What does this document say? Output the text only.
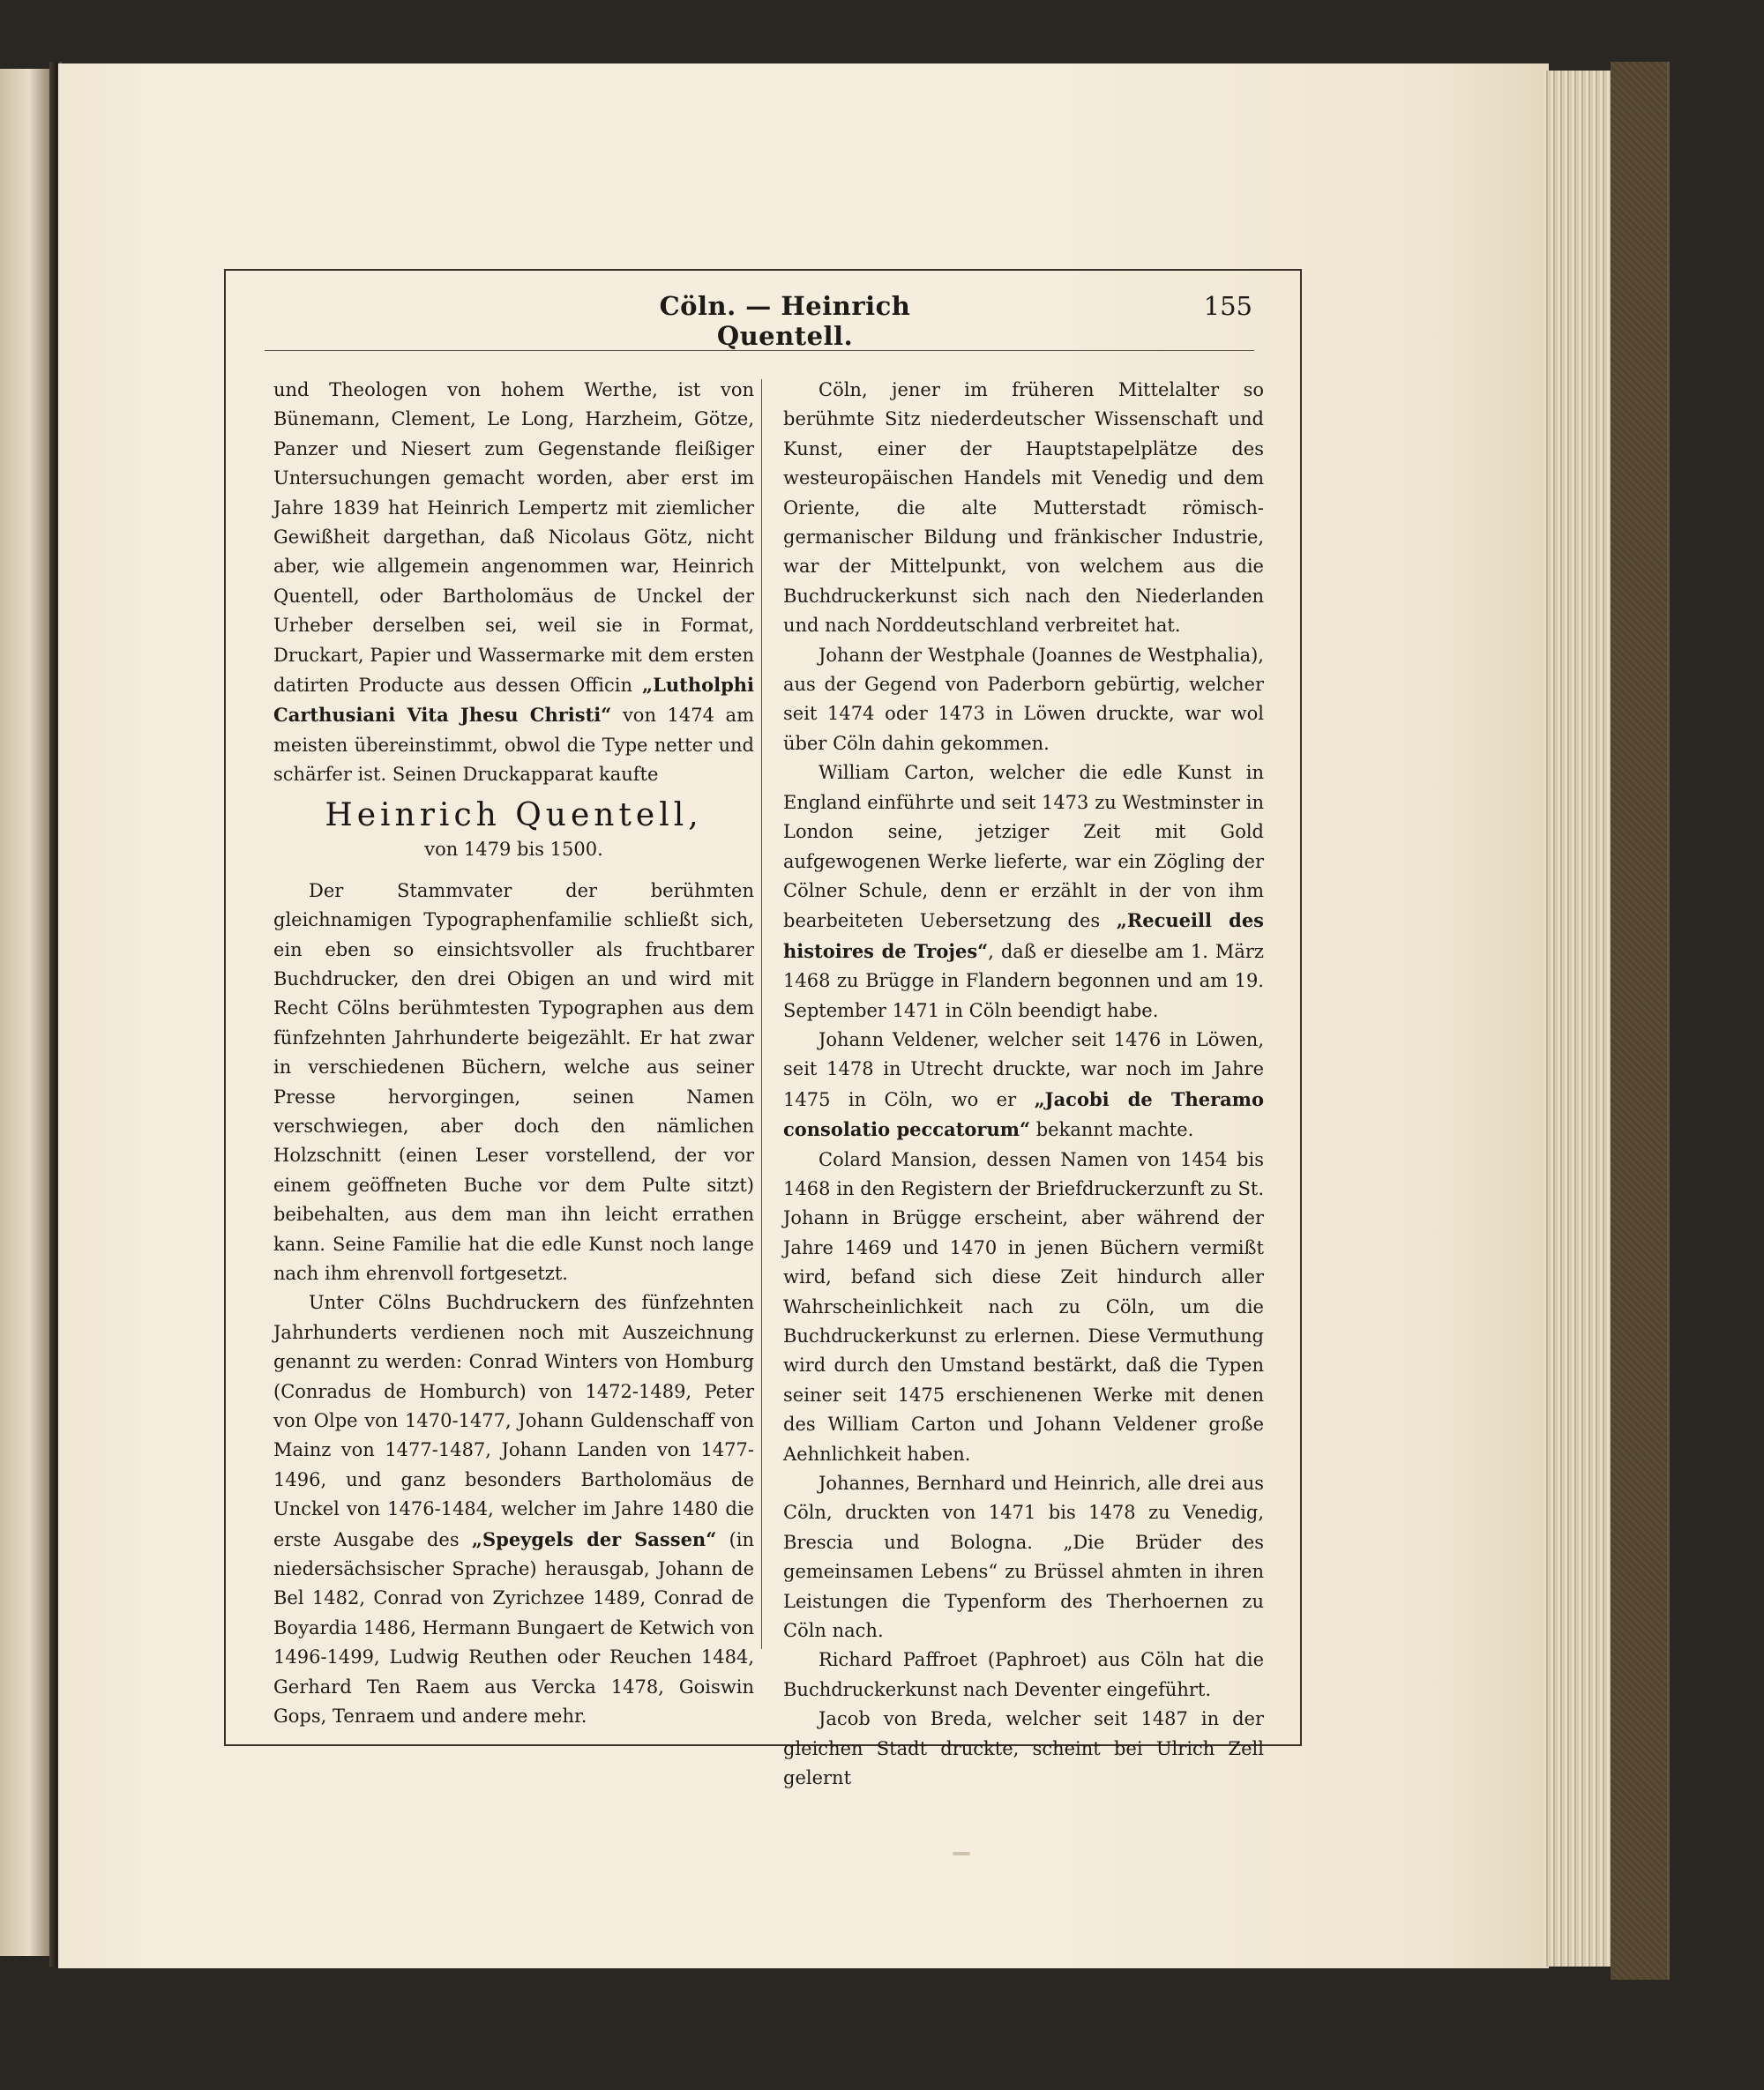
Cöln. — Heinrich Quentell.
155

und Theologen von hohem Werthe, ist von Bünemann, Clement, Le Long, Harzheim, Götze, Panzer und Niesert zum Gegenstande fleißiger Untersuchungen gemacht worden, aber erst im Jahre 1839 hat Heinrich Lempertz mit ziemlicher Gewißheit dargethan, daß Nicolaus Götz, nicht aber, wie allgemein angenommen war, Heinrich Quentell, oder Bartholomäus de Unckel der Urheber derselben sei, weil sie in Format, Druckart, Papier und Wassermarke mit dem ersten datirten Producte aus dessen Officin „Lutholphi Carthusiani Vita Jhesu Christi“ von 1474 am meisten übereinstimmt, obwol die Type netter und schärfer ist. Seinen Druckapparat kaufte

Heinrich Quentell,
von 1479 bis 1500.

Der Stammvater der berühmten gleichnamigen Typographenfamilie schließt sich, ein eben so einsichtsvoller als fruchtbarer Buchdrucker, den drei Obigen an und wird mit Recht Cölns berühmtesten Typographen aus dem fünfzehnten Jahrhunderte beigezählt. Er hat zwar in verschiedenen Büchern, welche aus seiner Presse hervorgingen, seinen Namen verschwiegen, aber doch den nämlichen Holzschnitt (einen Leser vorstellend, der vor einem geöffneten Buche vor dem Pulte sitzt) beibehalten, aus dem man ihn leicht errathen kann. Seine Familie hat die edle Kunst noch lange nach ihm ehrenvoll fortgesetzt.

Unter Cölns Buchdruckern des fünfzehnten Jahrhunderts verdienen noch mit Auszeichnung genannt zu werden: Conrad Winters von Homburg (Conradus de Homburch) von 1472-1489, Peter von Olpe von 1470-1477, Johann Guldenschaff von Mainz von 1477-1487, Johann Landen von 1477-1496, und ganz besonders Bartholomäus de Unckel von 1476-1484, welcher im Jahre 1480 die erste Ausgabe des „Speygels der Sassen“ (in niedersächsischer Sprache) herausgab, Johann de Bel 1482, Conrad von Zyrichzee 1489, Conrad de Boyardia 1486, Hermann Bungaert de Ketwich von 1496-1499, Ludwig Reuthen oder Reuchen 1484, Gerhard Ten Raem aus Vercka 1478, Goiswin Gops, Tenraem und andere mehr.

Cöln, jener im früheren Mittelalter so berühmte Sitz niederdeutscher Wissenschaft und Kunst, einer der Hauptstapelplätze des westeuropäischen Handels mit Venedig und dem Oriente, die alte Mutterstadt römisch-germanischer Bildung und fränkischer Industrie, war der Mittelpunkt, von welchem aus die Buchdruckerkunst sich nach den Niederlanden und nach Norddeutschland verbreitet hat.

Johann der Westphale (Joannes de Westphalia), aus der Gegend von Paderborn gebürtig, welcher seit 1474 oder 1473 in Löwen druckte, war wol über Cöln dahin gekommen.

William Carton, welcher die edle Kunst in England einführte und seit 1473 zu Westminster in London seine, jetziger Zeit mit Gold aufgewogenen Werke lieferte, war ein Zögling der Cölner Schule, denn er erzählt in der von ihm bearbeiteten Uebersetzung des „Recueill des histoires de Trojes“, daß er dieselbe am 1. März 1468 zu Brügge in Flandern begonnen und am 19. September 1471 in Cöln beendigt habe.

Johann Veldener, welcher seit 1476 in Löwen, seit 1478 in Utrecht druckte, war noch im Jahre 1475 in Cöln, wo er „Jacobi de Theramo consolatio peccatorum“ bekannt machte.

Colard Mansion, dessen Namen von 1454 bis 1468 in den Registern der Briefdruckerzunft zu St. Johann in Brügge erscheint, aber während der Jahre 1469 und 1470 in jenen Büchern vermißt wird, befand sich diese Zeit hindurch aller Wahrscheinlichkeit nach zu Cöln, um die Buchdruckerkunst zu erlernen. Diese Vermuthung wird durch den Umstand bestärkt, daß die Typen seiner seit 1475 erschienenen Werke mit denen des William Carton und Johann Veldener große Aehnlichkeit haben.

Johannes, Bernhard und Heinrich, alle drei aus Cöln, druckten von 1471 bis 1478 zu Venedig, Brescia und Bologna. „Die Brüder des gemeinsamen Lebens“ zu Brüssel ahmten in ihren Leistungen die Typenform des Therhoernen zu Cöln nach.

Richard Paffroet (Paphroet) aus Cöln hat die Buchdruckerkunst nach Deventer eingeführt.

Jacob von Breda, welcher seit 1487 in der gleichen Stadt druckte, scheint bei Ulrich Zell gelernt
